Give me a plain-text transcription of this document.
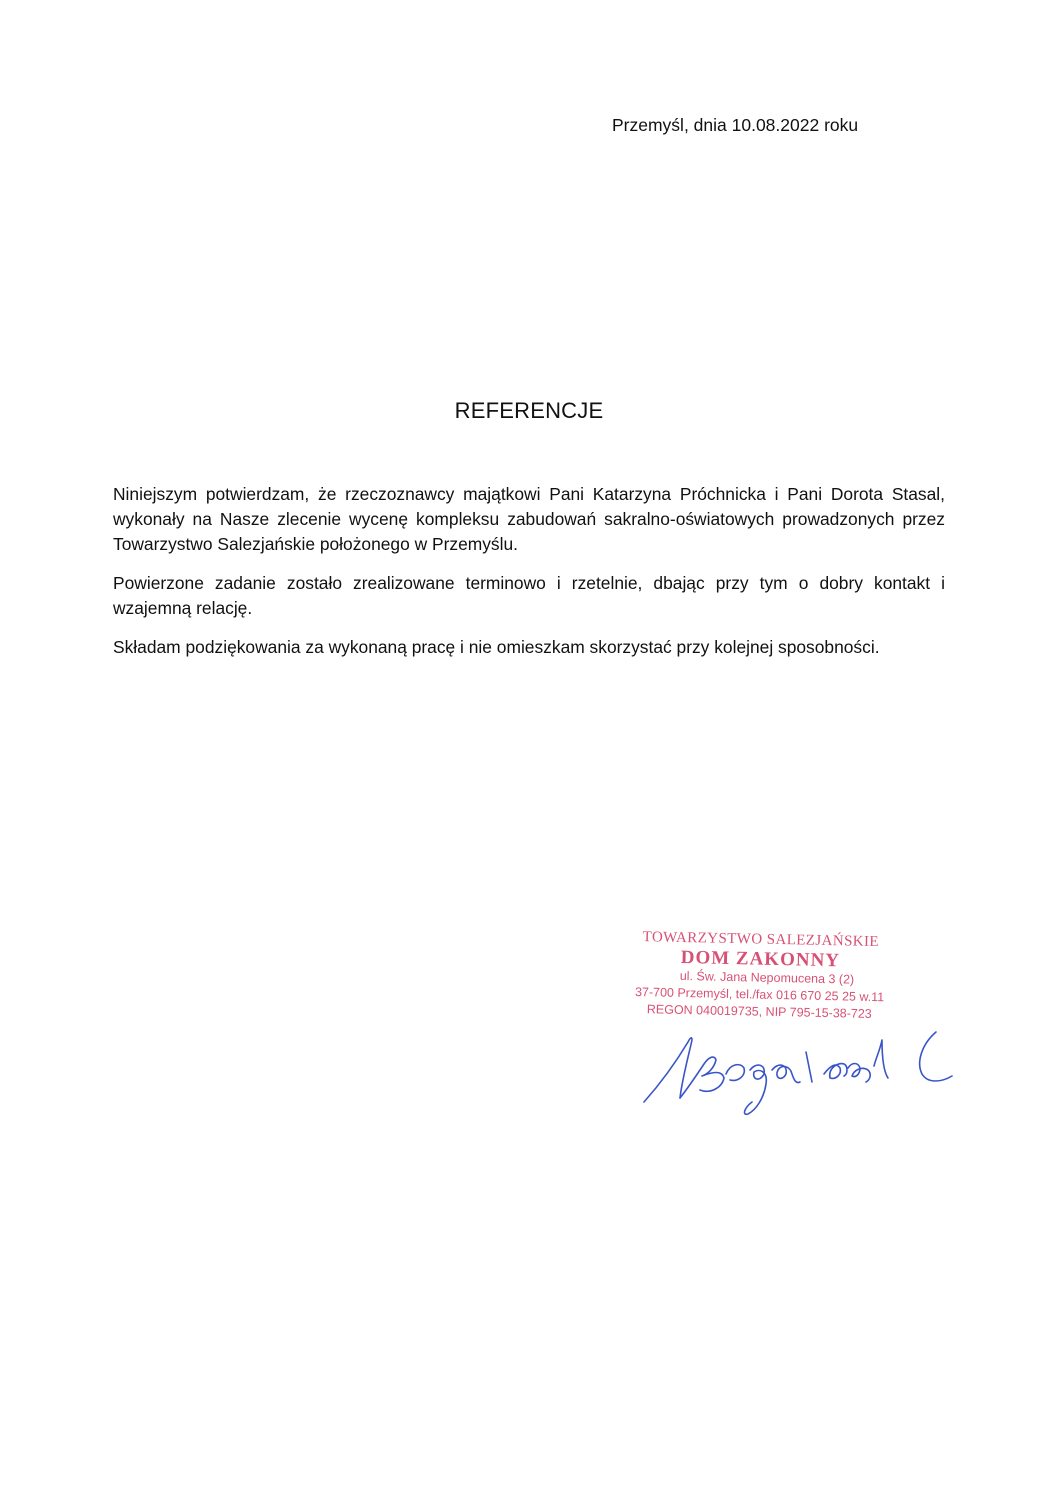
Przemyśl, dnia 10.08.2022 roku
REFERENCJE

Niniejszym potwierdzam, że rzeczoznawcy majątkowi Pani Katarzyna Próchnicka i Pani Dorota Stasal, wykonały na Nasze zlecenie wycenę kompleksu zabudowań sakralno-oświatowych prowadzonych przez Towarzystwo Salezjańskie położonego w Przemyślu.

Powierzone zadanie zostało zrealizowane terminowo i rzetelnie, dbając przy tym o dobry kontakt i wzajemną relację.

Składam podziękowania za wykonaną pracę i nie omieszkam skorzystać przy kolejnej sposobności.

TOWARZYSTWO SALEZJAŃSKIE
DOM ZAKONNY
ul. Św. Jana Nepomucena 3 (2)
37-700 Przemyśl, tel./fax 016 670 25 25 w.11
REGON 040019735, NIP 795-15-38-723
